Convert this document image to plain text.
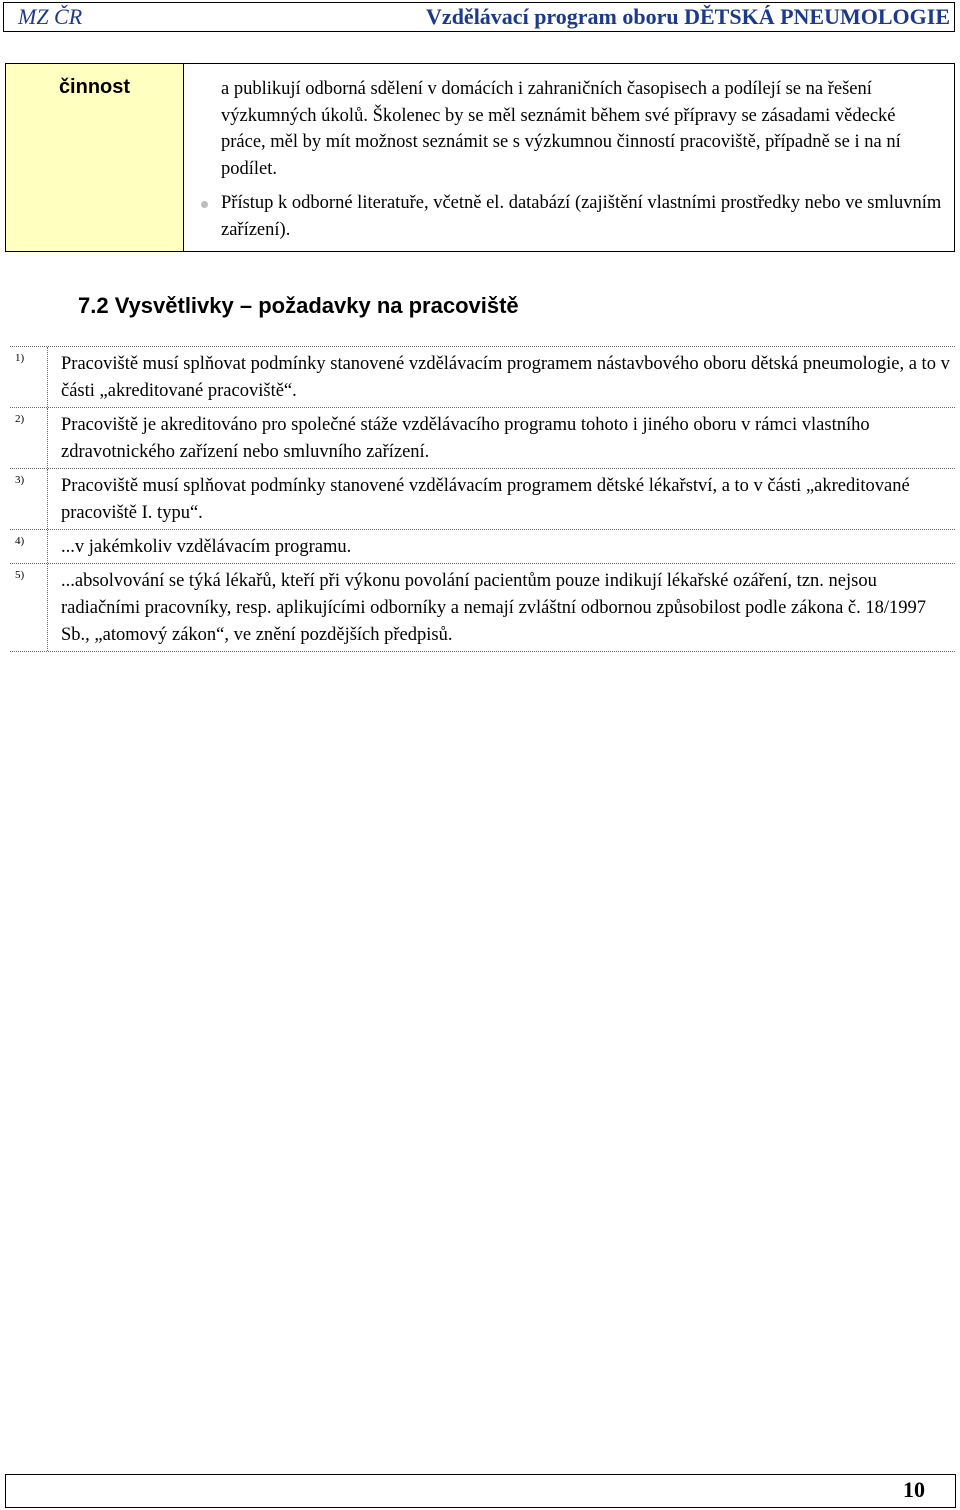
MZ ČR	Vzdělávací program oboru DĚTSKÁ PNEUMOLOGIE
činnost	a publikují odborná sdělení v domácích i zahraničních časopisech a podílejí se na řešení výzkumných úkolů. Školenec by se měl seznámit během své přípravy se zásadami vědecké práce, měl by mít možnost seznámit se s výzkumnou činností pracoviště, případně se i na ní podílet.

Přístup k odborné literatuře, včetně el. databází (zajištění vlastními prostředky nebo ve smluvním zařízení).
7.2 Vysvětlivky – požadavky na pracoviště
1)	Pracoviště musí splňovat podmínky stanovené vzdělávacím programem nástavbového oboru dětská pneumologie, a to v části „akreditované pracoviště“.
2)	Pracoviště je akreditováno pro společné stáže vzdělávacího programu tohoto i jiného oboru v rámci vlastního zdravotnického zařízení nebo smluvního zařízení.
3)	Pracoviště musí splňovat podmínky stanovené vzdělávacím programem dětské lékařství, a to v části „akreditované pracoviště I. typu“.
4)	...v jakémkoliv vzdělávacím programu.
5)	...absolvování se týká lékařů, kteří při výkonu povolání pacientům pouze indikují lékařské ozáření, tzn. nejsou radiačními pracovníky, resp. aplikujícími odborníky a nemají zvláštní odbornou způsobilost podle zákona č. 18/1997 Sb., „atomový zákon“, ve znění pozdějších předpisů.
10
